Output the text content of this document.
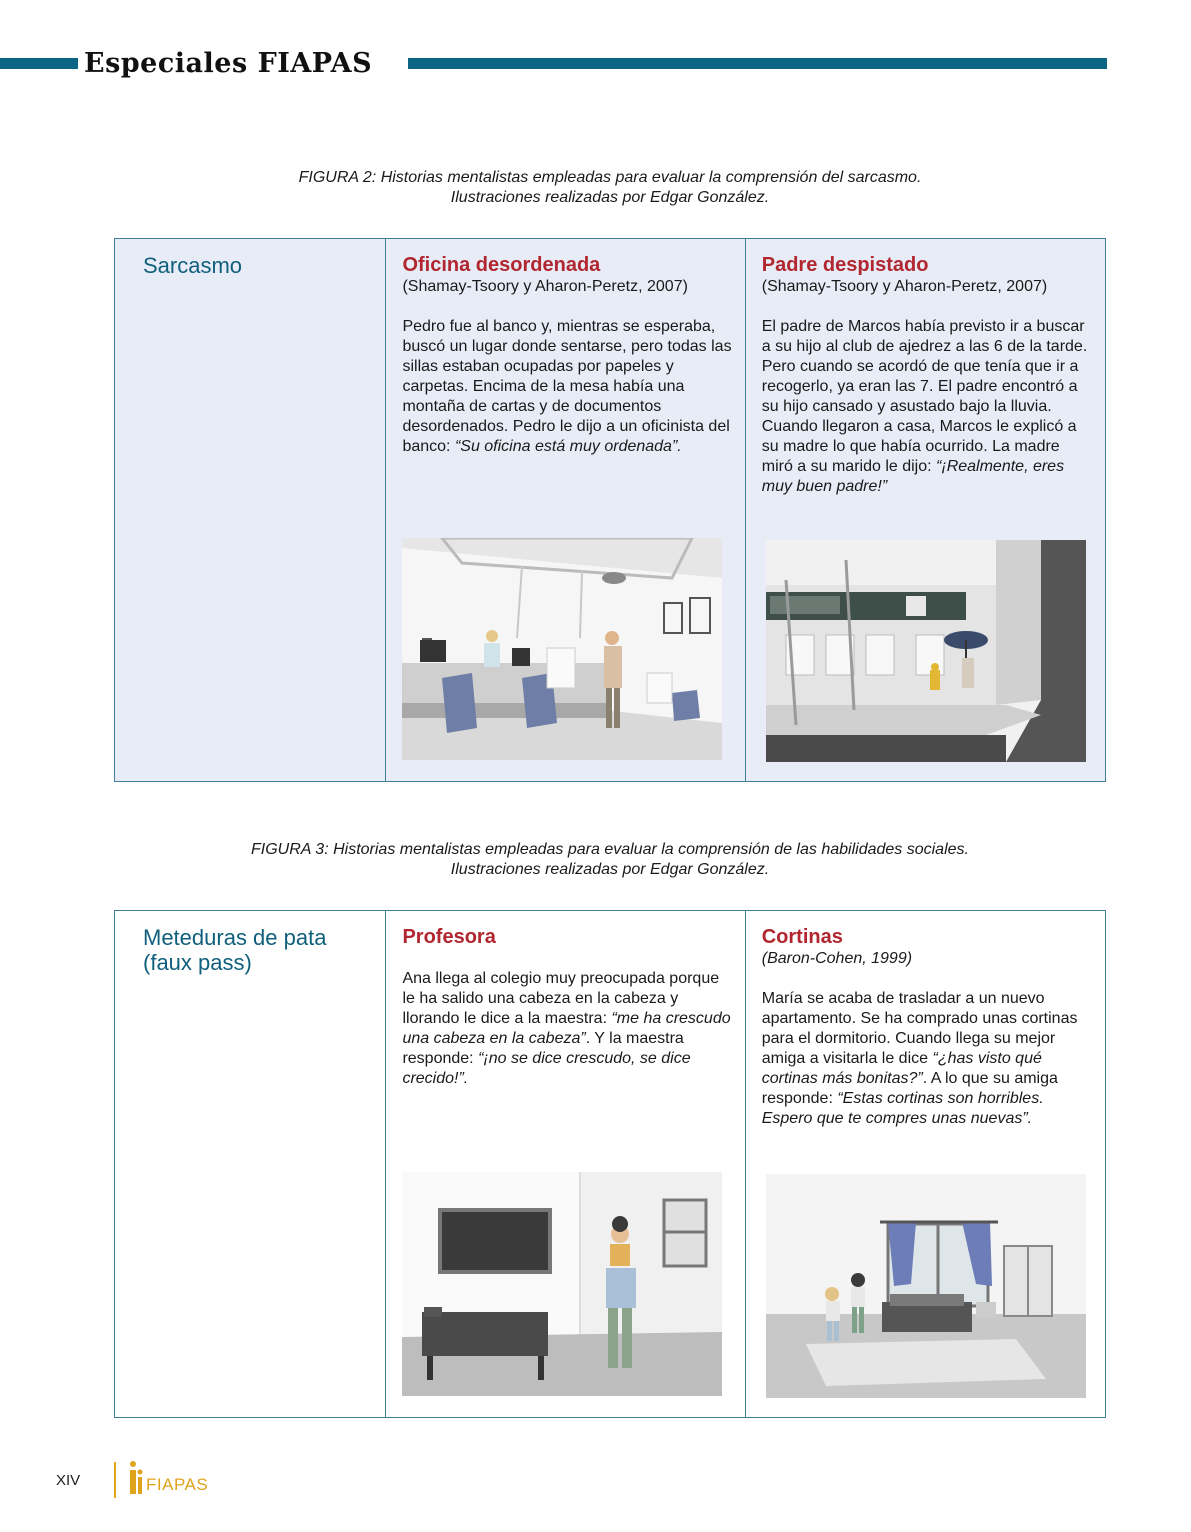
Especiales FIAPAS
FIGURA 2: Historias mentalistas empleadas para evaluar la comprensión del sarcasmo.
Ilustraciones realizadas por Edgar González.
Sarcasmo	Oficina desordenada
(Shamay-Tsoory y Aharon-Peretz, 2007)
Pedro fue al banco y, mientras se esperaba, buscó un lugar donde sentarse, pero todas las sillas estaban ocupadas por papeles y carpetas. Encima de la mesa había una montaña de cartas y de documentos desordenados. Pedro le dijo a un oficinista del banco: “Su oficina está muy ordenada”.
Padre despistado
(Shamay-Tsoory y Aharon-Peretz, 2007)
El padre de Marcos había previsto ir a buscar a su hijo al club de ajedrez a las 6 de la tarde. Pero cuando se acordó de que tenía que ir a recogerlo, ya eran las 7. El padre encontró a su hijo cansado y asustado bajo la lluvia. Cuando llegaron a casa, Marcos le explicó a su madre lo que había ocurrido. La madre miró a su marido le dijo: “¡Realmente, eres muy buen padre!”
FIGURA 3: Historias mentalistas empleadas para evaluar la comprensión de las habilidades sociales.
Ilustraciones realizadas por Edgar González.
Meteduras de pata
(faux pass)
Profesora
Ana llega al colegio muy preocupada porque le ha salido una cabeza en la cabeza y llorando le dice a la maestra: “me ha crescudo una cabeza en la cabeza”. Y la maestra responde: “¡no se dice crescudo, se dice crecido!”.
Cortinas
(Baron-Cohen, 1999)
María se acaba de trasladar a un nuevo apartamento. Se ha comprado unas cortinas para el dormitorio. Cuando llega su mejor amiga a visitarla le dice “¿has visto qué cortinas más bonitas?”. A lo que su amiga responde: “Estas cortinas son horribles. Espero que te compres unas nuevas”.
XIV	FIAPAS
